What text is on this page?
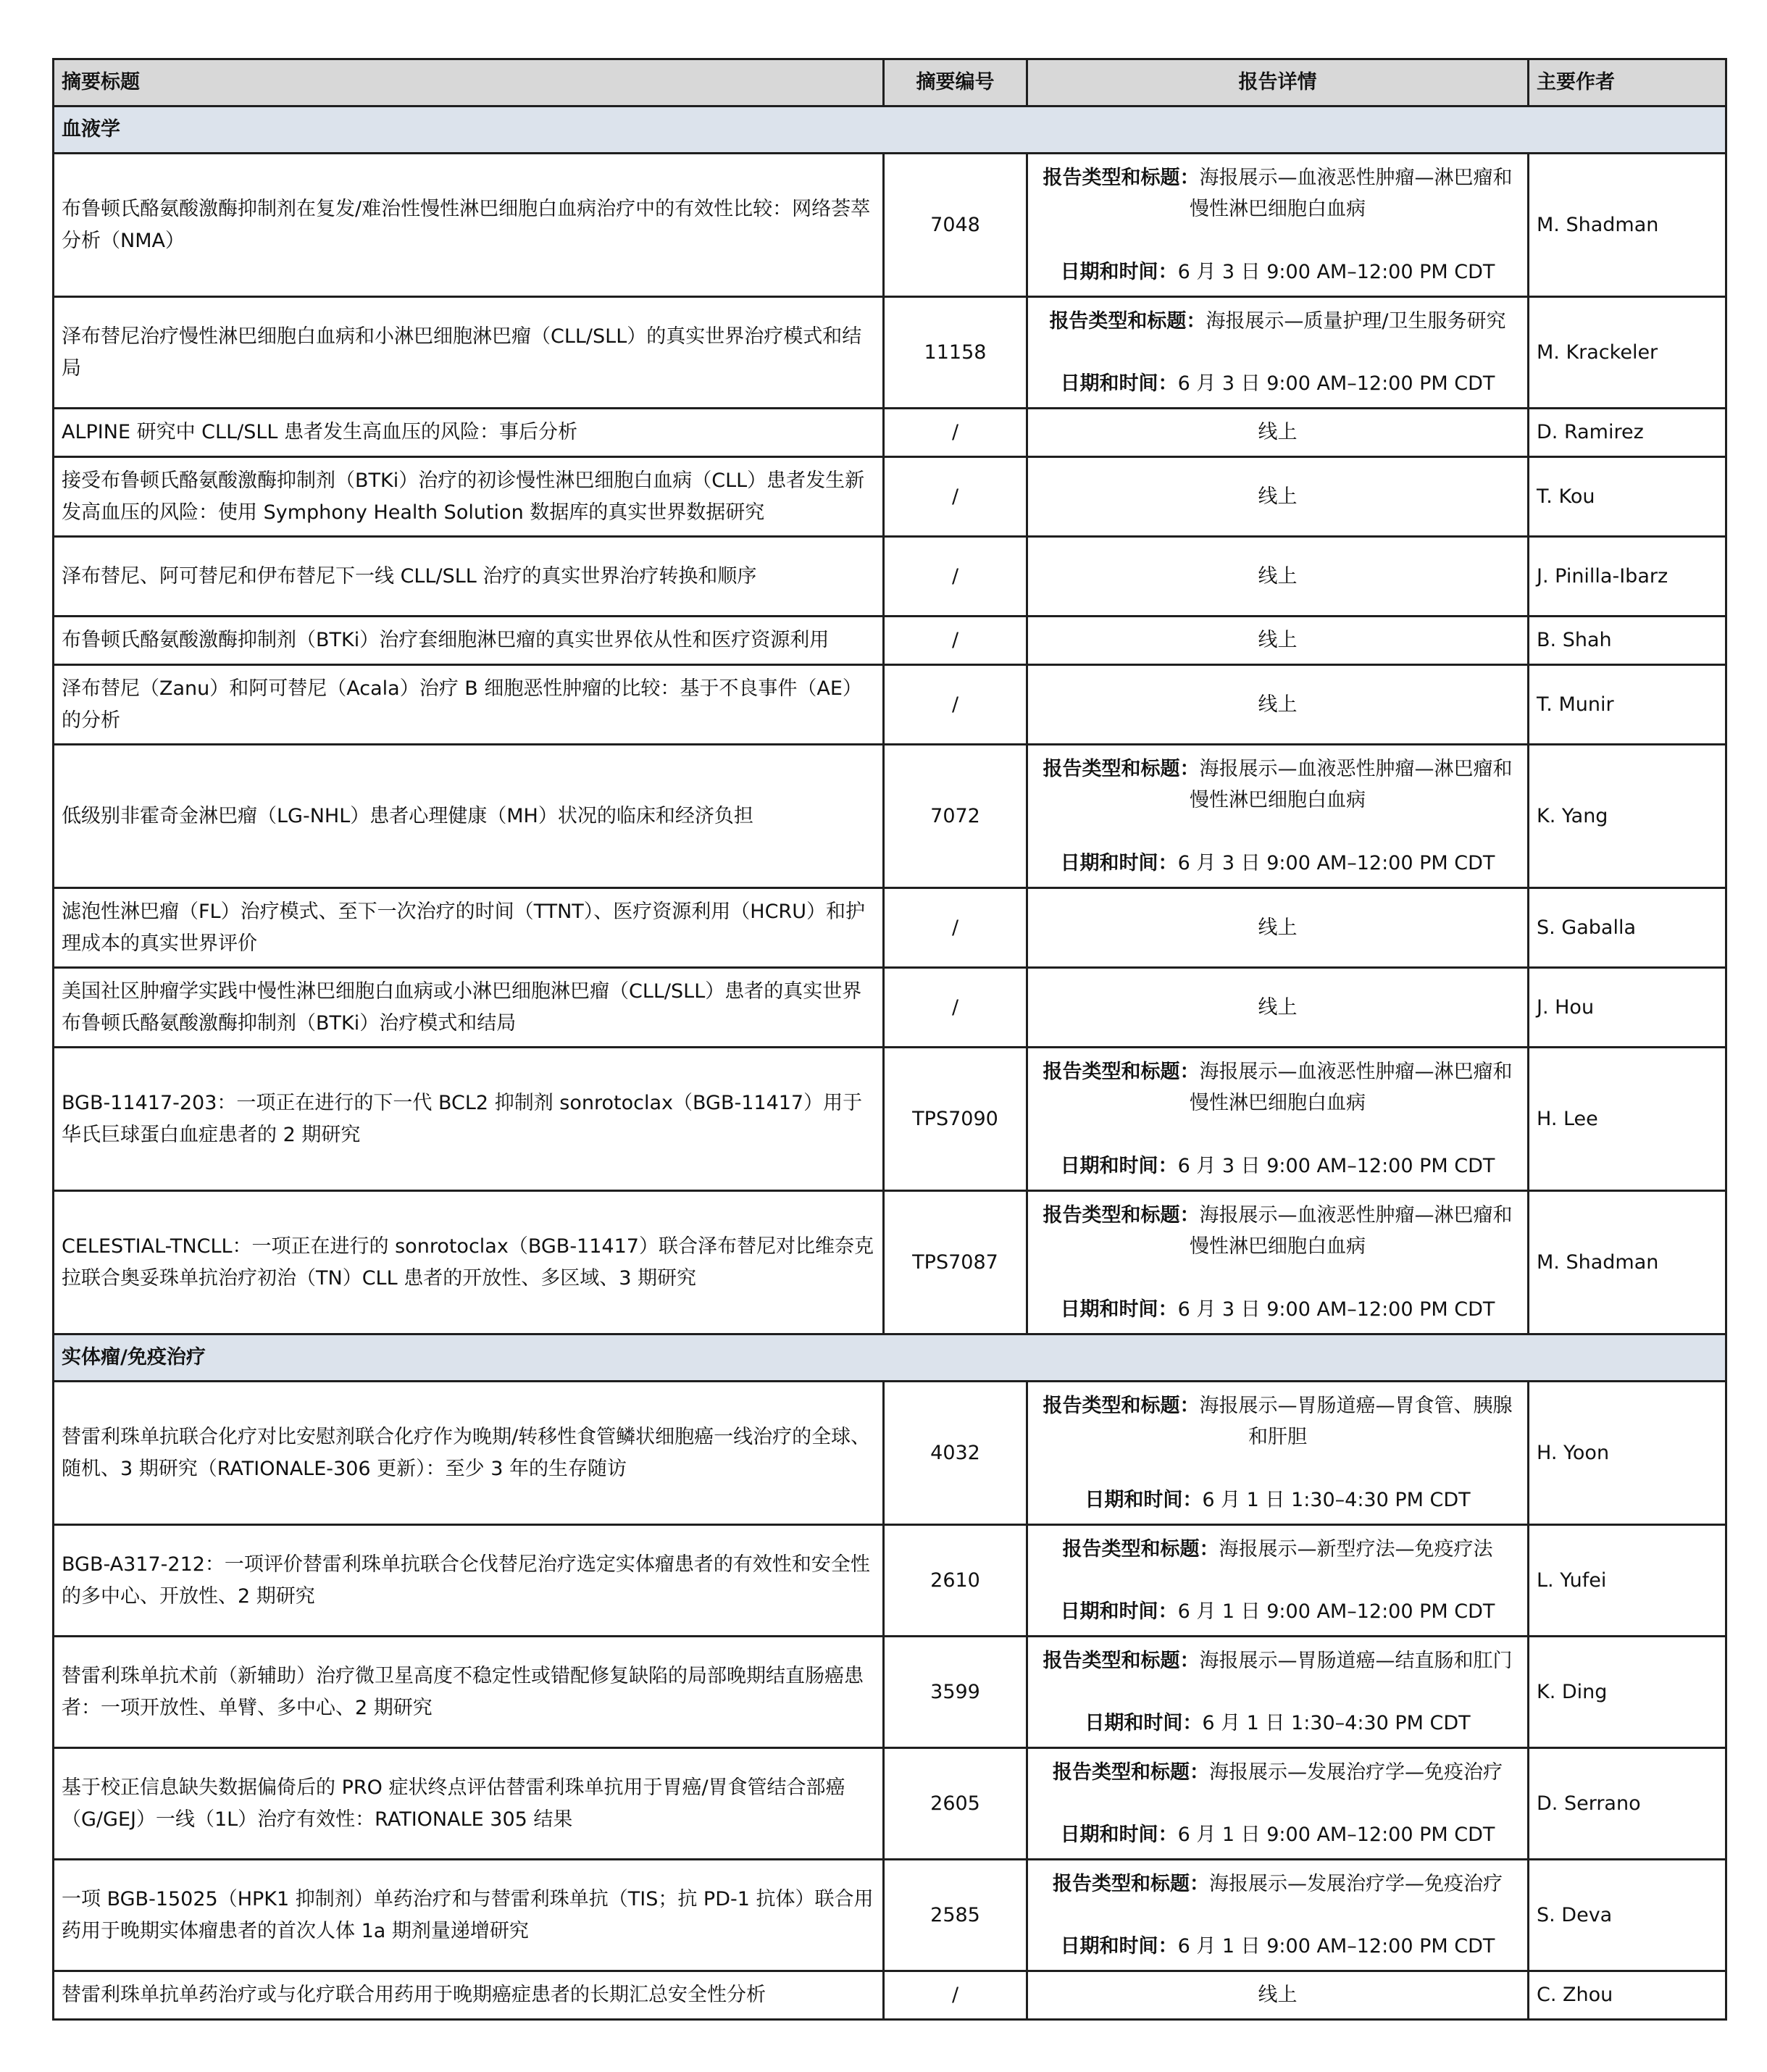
摘要标题	摘要编号	报告详情	主要作者
血液学			
布鲁顿氏酪氨酸激酶抑制剂在复发/难治性慢性淋巴细胞白血病治疗中的有效性比较：网络荟萃分析（NMA）	7048	报告类型和标题：海报展示—血液恶性肿瘤—淋巴瘤和慢性淋巴细胞白血病
日期和时间：6 月 3 日 9:00 AM–12:00 PM CDT	M. Shadman
泽布替尼治疗慢性淋巴细胞白血病和小淋巴细胞淋巴瘤（CLL/SLL）的真实世界治疗模式和结局	11158	报告类型和标题：海报展示—质量护理/卫生服务研究
日期和时间：6 月 3 日 9:00 AM–12:00 PM CDT	M. Krackeler
ALPINE 研究中 CLL/SLL 患者发生高血压的风险：事后分析	/	线上	D. Ramirez
接受布鲁顿氏酪氨酸激酶抑制剂（BTKi）治疗的初诊慢性淋巴细胞白血病（CLL）患者发生新发高血压的风险：使用 Symphony Health Solution 数据库的真实世界数据研究	/	线上	T. Kou
泽布替尼、阿可替尼和伊布替尼下一线 CLL/SLL 治疗的真实世界治疗转换和顺序	/	线上	J. Pinilla-Ibarz
布鲁顿氏酪氨酸激酶抑制剂（BTKi）治疗套细胞淋巴瘤的真实世界依从性和医疗资源利用	/	线上	B. Shah
泽布替尼（Zanu）和阿可替尼（Acala）治疗 B 细胞恶性肿瘤的比较：基于不良事件（AE）的分析	/	线上	T. Munir
低级别非霍奇金淋巴瘤（LG-NHL）患者心理健康（MH）状况的临床和经济负担	7072	报告类型和标题：海报展示—血液恶性肿瘤—淋巴瘤和慢性淋巴细胞白血病
日期和时间：6 月 3 日 9:00 AM–12:00 PM CDT	K. Yang
滤泡性淋巴瘤（FL）治疗模式、至下一次治疗的时间（TTNT）、医疗资源利用（HCRU）和护理成本的真实世界评价	/	线上	S. Gaballa
美国社区肿瘤学实践中慢性淋巴细胞白血病或小淋巴细胞淋巴瘤（CLL/SLL）患者的真实世界布鲁顿氏酪氨酸激酶抑制剂（BTKi）治疗模式和结局	/	线上	J. Hou
BGB-11417-203：一项正在进行的下一代 BCL2 抑制剂 sonrotoclax（BGB-11417）用于华氏巨球蛋白血症患者的 2 期研究	TPS7090	报告类型和标题：海报展示—血液恶性肿瘤—淋巴瘤和慢性淋巴细胞白血病
日期和时间：6 月 3 日 9:00 AM–12:00 PM CDT	H. Lee
CELESTIAL-TNCLL：一项正在进行的 sonrotoclax（BGB-11417）联合泽布替尼对比维奈克拉联合奥妥珠单抗治疗初治（TN）CLL 患者的开放性、多区域、3 期研究	TPS7087	报告类型和标题：海报展示—血液恶性肿瘤—淋巴瘤和慢性淋巴细胞白血病
日期和时间：6 月 3 日 9:00 AM–12:00 PM CDT	M. Shadman
实体瘤/免疫治疗			
替雷利珠单抗联合化疗对比安慰剂联合化疗作为晚期/转移性食管鳞状细胞癌一线治疗的全球、随机、3 期研究（RATIONALE-306 更新）：至少 3 年的生存随访	4032	报告类型和标题：海报展示—胃肠道癌—胃食管、胰腺和肝胆
日期和时间：6 月 1 日 1:30–4:30 PM CDT	H. Yoon
BGB-A317-212：一项评价替雷利珠单抗联合仑伐替尼治疗选定实体瘤患者的有效性和安全性的多中心、开放性、2 期研究	2610	报告类型和标题：海报展示—新型疗法—免疫疗法
日期和时间：6 月 1 日 9:00 AM–12:00 PM CDT	L. Yufei
替雷利珠单抗术前（新辅助）治疗微卫星高度不稳定性或错配修复缺陷的局部晚期结直肠癌患者：一项开放性、单臂、多中心、2 期研究	3599	报告类型和标题：海报展示—胃肠道癌—结直肠和肛门
日期和时间：6 月 1 日 1:30–4:30 PM CDT	K. Ding
基于校正信息缺失数据偏倚后的 PRO 症状终点评估替雷利珠单抗用于胃癌/胃食管结合部癌（G/GEJ）一线（1L）治疗有效性：RATIONALE 305 结果	2605	报告类型和标题：海报展示—发展治疗学—免疫治疗
日期和时间：6 月 1 日 9:00 AM–12:00 PM CDT	D. Serrano
一项 BGB-15025（HPK1 抑制剂）单药治疗和与替雷利珠单抗（TIS；抗 PD-1 抗体）联合用药用于晚期实体瘤患者的首次人体 1a 期剂量递增研究	2585	报告类型和标题：海报展示—发展治疗学—免疫治疗
日期和时间：6 月 1 日 9:00 AM–12:00 PM CDT	S. Deva
替雷利珠单抗单药治疗或与化疗联合用药用于晚期癌症患者的长期汇总安全性分析	/	线上	C. Zhou
